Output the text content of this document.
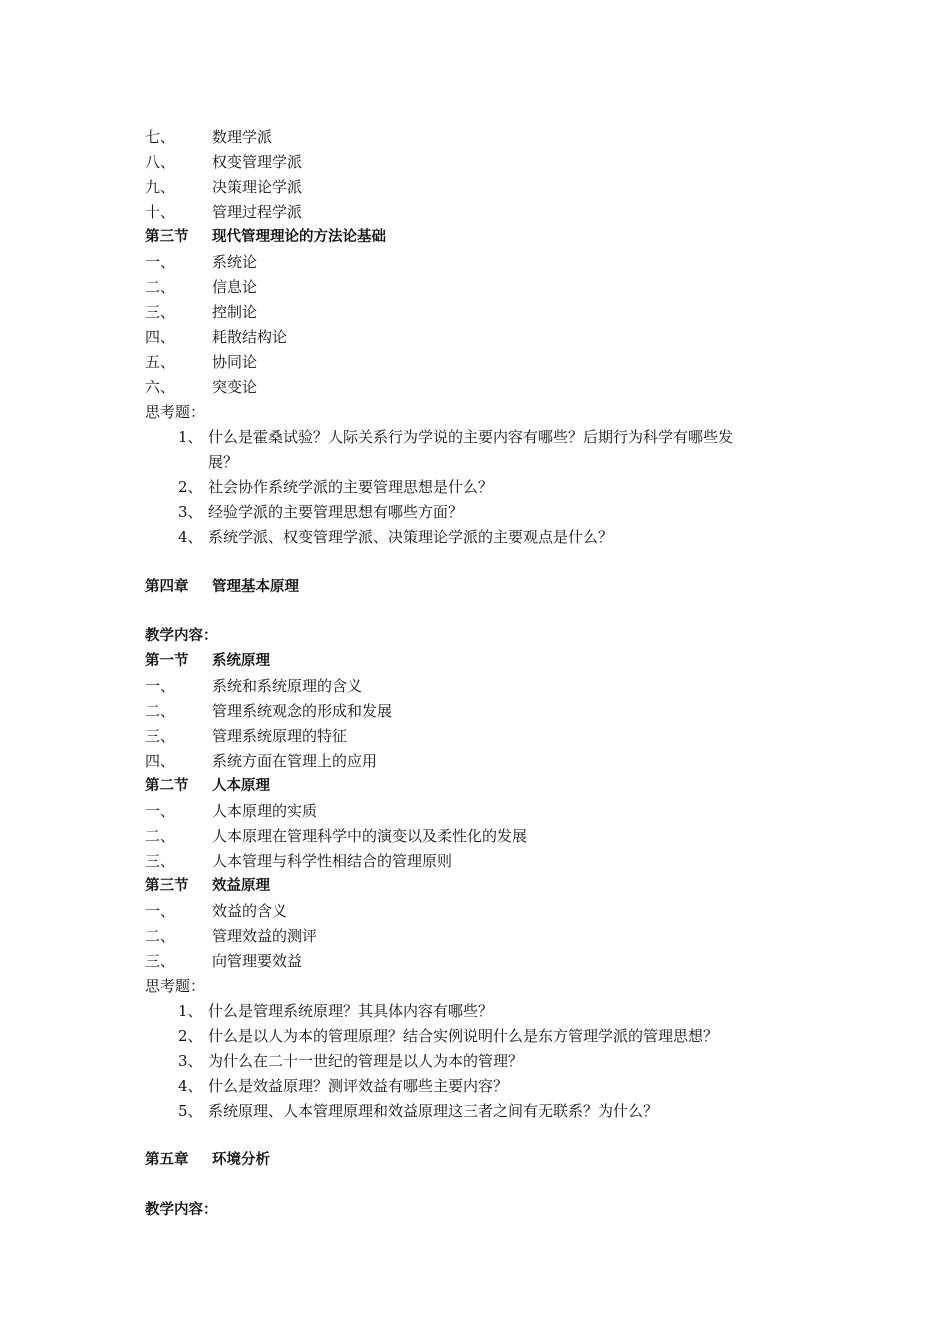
七、 数理学派
八、 权变管理学派
九、 决策理论学派
十、 管理过程学派
第三节 现代管理理论的方法论基础
一、 系统论
二、 信息论
三、 控制论
四、 耗散结构论
五、 协同论
六、 突变论
思考题：
1、 什么是霍桑试验？人际关系行为学说的主要内容有哪些？后期行为科学有哪些发
展？
2、 社会协作系统学派的主要管理思想是什么？
3、 经验学派的主要管理思想有哪些方面？
4、 系统学派、权变管理学派、决策理论学派的主要观点是什么？
第四章 管理基本原理
教学内容：
第一节 系统原理
一、 系统和系统原理的含义
二、 管理系统观念的形成和发展
三、 管理系统原理的特征
四、 系统方面在管理上的应用
第二节 人本原理
一、 人本原理的实质
二、 人本原理在管理科学中的演变以及柔性化的发展
三、 人本管理与科学性相结合的管理原则
第三节 效益原理
一、 效益的含义
二、 管理效益的测评
三、 向管理要效益
思考题：
1、 什么是管理系统原理？其具体内容有哪些？
2、 什么是以人为本的管理原理？结合实例说明什么是东方管理学派的管理思想？
3、 为什么在二十一世纪的管理是以人为本的管理？
4、 什么是效益原理？测评效益有哪些主要内容？
5、 系统原理、人本管理原理和效益原理这三者之间有无联系？为什么？
第五章 环境分析
教学内容：
